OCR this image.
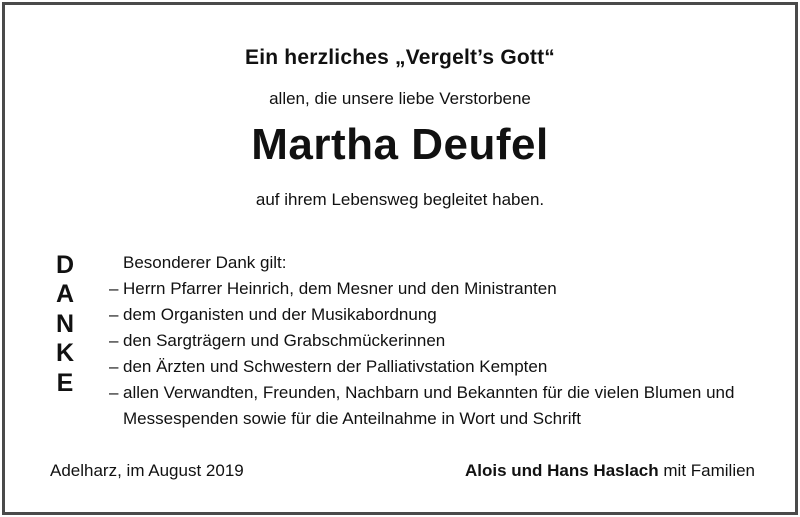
Ein herzliches „Vergelt’s Gott“
allen, die unsere liebe Verstorbene
Martha Deufel
auf ihrem Lebensweg begleitet haben.
D
A
N
K
E
Besonderer Dank gilt:
– Herrn Pfarrer Heinrich, dem Mesner und den Ministranten
– dem Organisten und der Musikabordnung
– den Sargträgern und Grabschmückerinnen
– den Ärzten und Schwestern der Palliativstation Kempten
– allen Verwandten, Freunden, Nachbarn und Bekannten für die vielen Blumen und Messespenden sowie für die Anteilnahme in Wort und Schrift
Adelharz, im August 2019	Alois und Hans Haslach mit Familien
